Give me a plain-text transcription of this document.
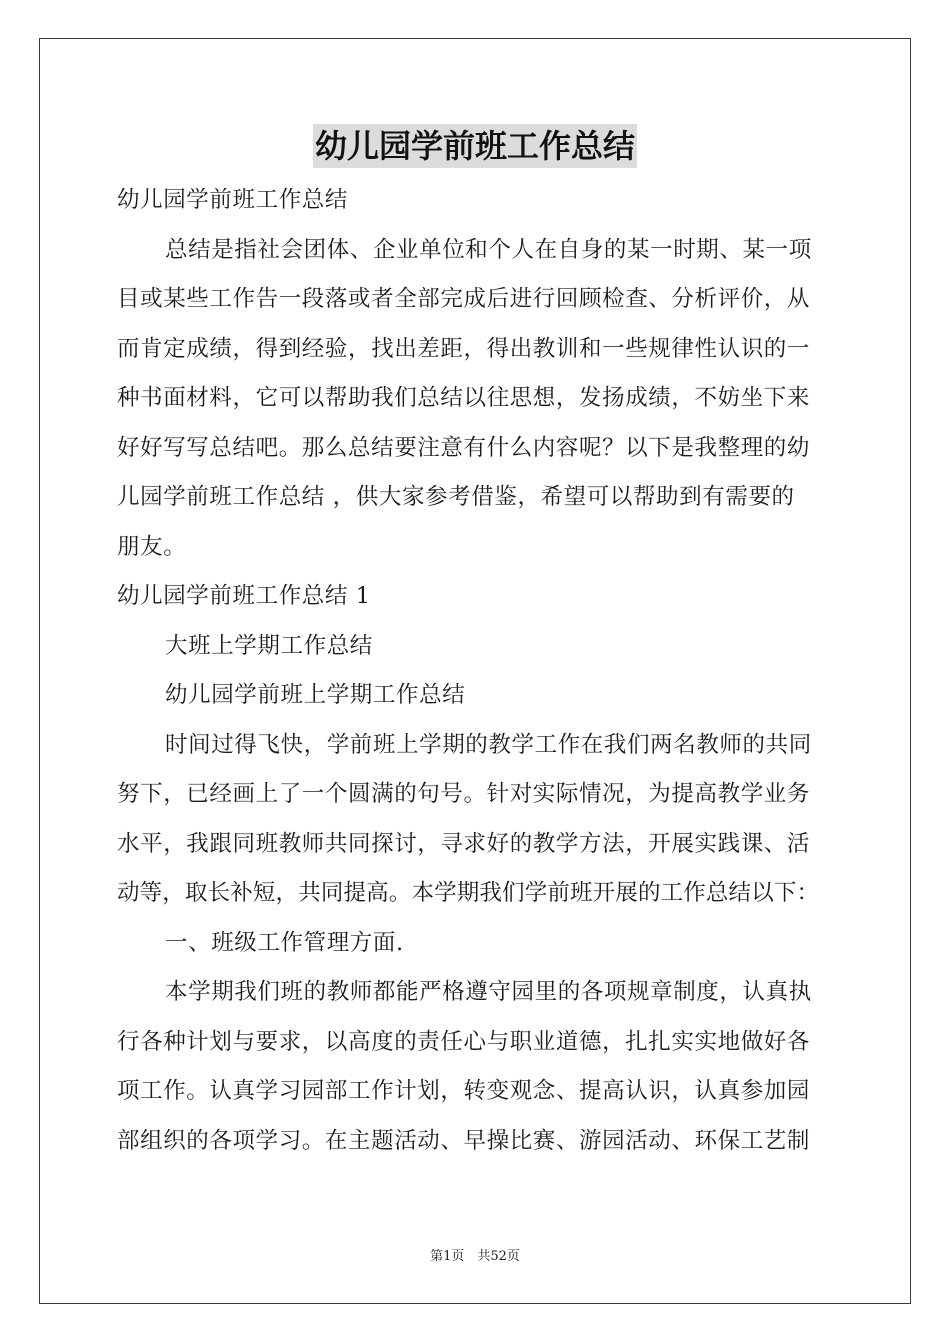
幼儿园学前班工作总结
幼儿园学前班工作总结
总结是指社会团体、企业单位和个人在自身的某一时期、某一项
目或某些工作告一段落或者全部完成后进行回顾检查、分析评价，从
而肯定成绩，得到经验，找出差距，得出教训和一些规律性认识的一
种书面材料，它可以帮助我们总结以往思想，发扬成绩，不妨坐下来
好好写写总结吧。那么总结要注意有什么内容呢？以下是我整理的幼
儿园学前班工作总结 ，供大家参考借鉴，希望可以帮助到有需要的
朋友。
幼儿园学前班工作总结 1
大班上学期工作总结
幼儿园学前班上学期工作总结
时间过得飞快，学前班上学期的教学工作在我们两名教师的共同
努下，已经画上了一个圆满的句号。针对实际情况，为提高教学业务
水平，我跟同班教师共同探讨，寻求好的教学方法，开展实践课、活
动等，取长补短，共同提高。本学期我们学前班开展的工作总结以下：
一、班级工作管理方面.
本学期我们班的教师都能严格遵守园里的各项规章制度，认真执
行各种计划与要求，以高度的责任心与职业道德，扎扎实实地做好各
项工作。认真学习园部工作计划，转变观念、提高认识，认真参加园
部组织的各项学习。在主题活动、早操比赛、游园活动、环保工艺制
第1页　共52页
